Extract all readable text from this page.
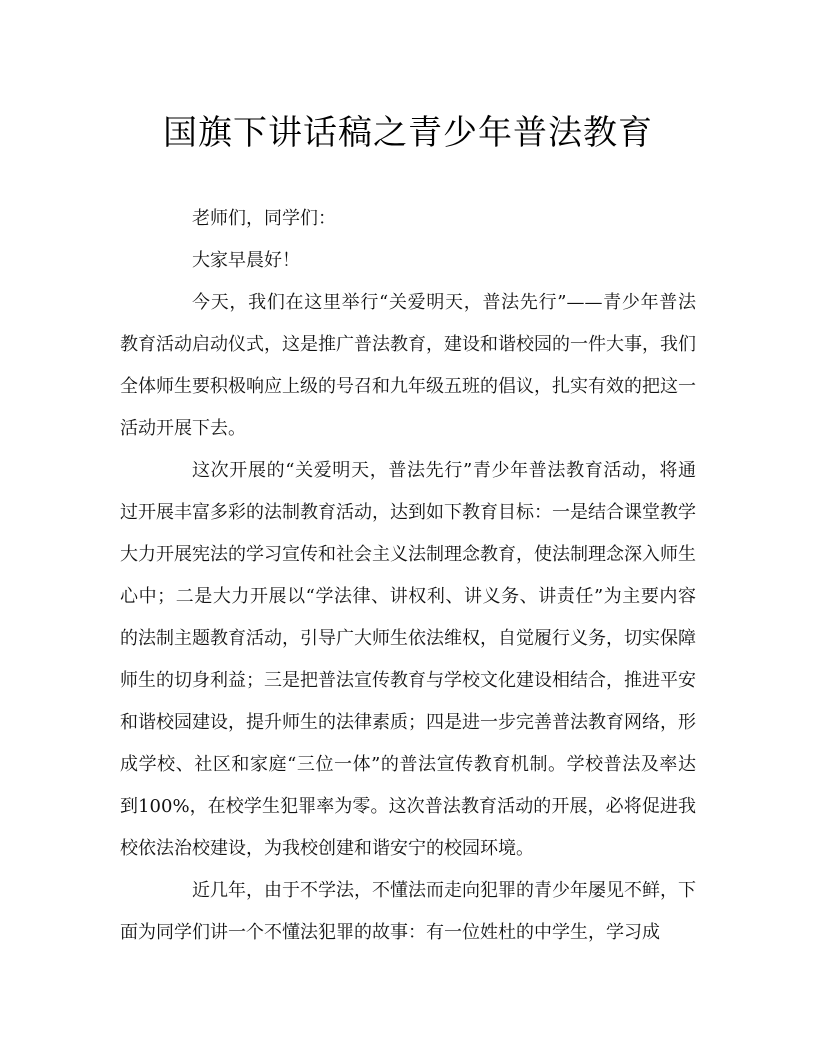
国旗下讲话稿之青少年普法教育

老师们，同学们：

大家早晨好！

今天，我们在这里举行“关爱明天，普法先行”——青少年普法教育活动启动仪式，这是推广普法教育，建设和谐校园的一件大事，我们全体师生要积极响应上级的号召和九年级五班的倡议，扎实有效的把这一活动开展下去。

这次开展的“关爱明天，普法先行”青少年普法教育活动，将通过开展丰富多彩的法制教育活动，达到如下教育目标：一是结合课堂教学大力开展宪法的学习宣传和社会主义法制理念教育，使法制理念深入师生心中；二是大力开展以“学法律、讲权利、讲义务、讲责任”为主要内容的法制主题教育活动，引导广大师生依法维权，自觉履行义务，切实保障师生的切身利益；三是把普法宣传教育与学校文化建设相结合，推进平安和谐校园建设，提升师生的法律素质；四是进一步完善普法教育网络，形成学校、社区和家庭“三位一体”的普法宣传教育机制。学校普法及率达到100%，在校学生犯罪率为零。这次普法教育活动的开展，必将促进我校依法治校建设，为我校创建和谐安宁的校园环境。

近几年，由于不学法，不懂法而走向犯罪的青少年屡见不鲜，下面为同学们讲一个不懂法犯罪的故事：有一位姓杜的中学生，学习成
